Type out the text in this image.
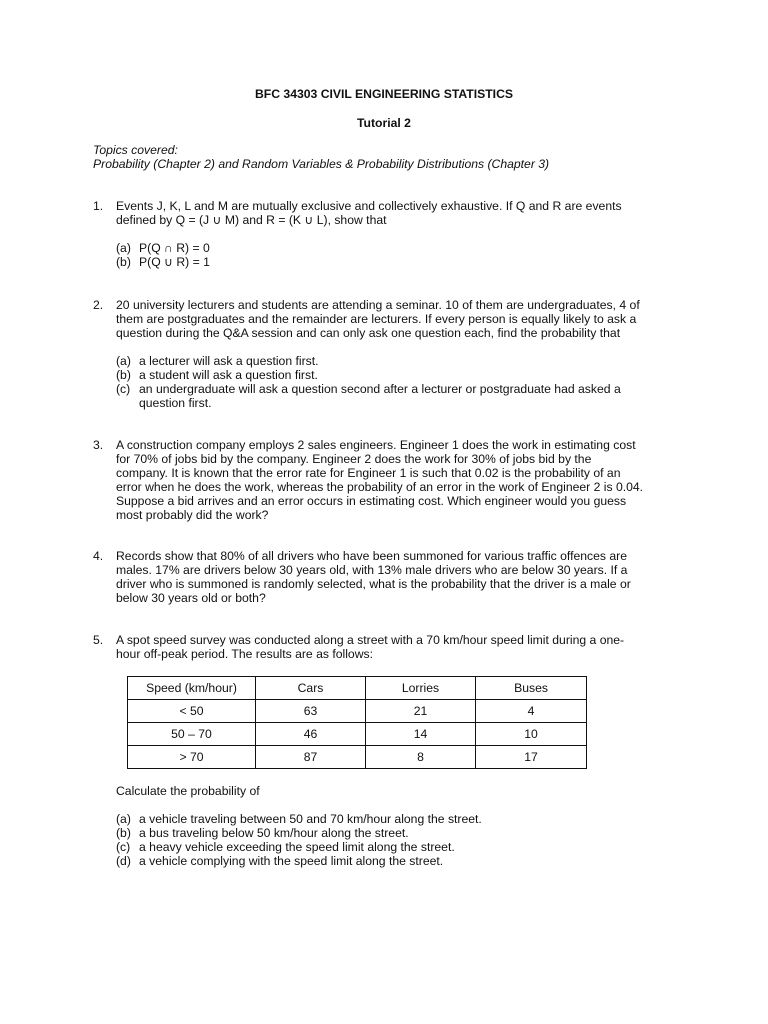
BFC 34303 CIVIL ENGINEERING STATISTICS
Tutorial 2
Topics covered:
Probability (Chapter 2) and Random Variables & Probability Distributions (Chapter 3)
1.	Events J, K, L and M are mutually exclusive and collectively exhaustive. If Q and R are events
defined by Q = (J ∪ M) and R = (K ∪ L), show that
(a) P(Q ∩ R) = 0
(b) P(Q ∪ R) = 1
2.	20 university lecturers and students are attending a seminar. 10 of them are undergraduates, 4 of
them are postgraduates and the remainder are lecturers. If every person is equally likely to ask a
question during the Q&A session and can only ask one question each, find the probability that
(a) a lecturer will ask a question first.
(b) a student will ask a question first.
(c) an undergraduate will ask a question second after a lecturer or postgraduate had asked a
question first.
3.	A construction company employs 2 sales engineers. Engineer 1 does the work in estimating cost
for 70% of jobs bid by the company. Engineer 2 does the work for 30% of jobs bid by the
company. It is known that the error rate for Engineer 1 is such that 0.02 is the probability of an
error when he does the work, whereas the probability of an error in the work of Engineer 2 is 0.04.
Suppose a bid arrives and an error occurs in estimating cost. Which engineer would you guess
most probably did the work?
4.	Records show that 80% of all drivers who have been summoned for various traffic offences are
males. 17% are drivers below 30 years old, with 13% male drivers who are below 30 years. If a
driver who is summoned is randomly selected, what is the probability that the driver is a male or
below 30 years old or both?
5.	A spot speed survey was conducted along a street with a 70 km/hour speed limit during a one-
hour off-peak period. The results are as follows:
Speed (km/hour)	Cars	Lorries	Buses
< 50	63	21	4
50 – 70	46	14	10
> 70	87	8	17
Calculate the probability of
(a) a vehicle traveling between 50 and 70 km/hour along the street.
(b) a bus traveling below 50 km/hour along the street.
(c) a heavy vehicle exceeding the speed limit along the street.
(d) a vehicle complying with the speed limit along the street.
